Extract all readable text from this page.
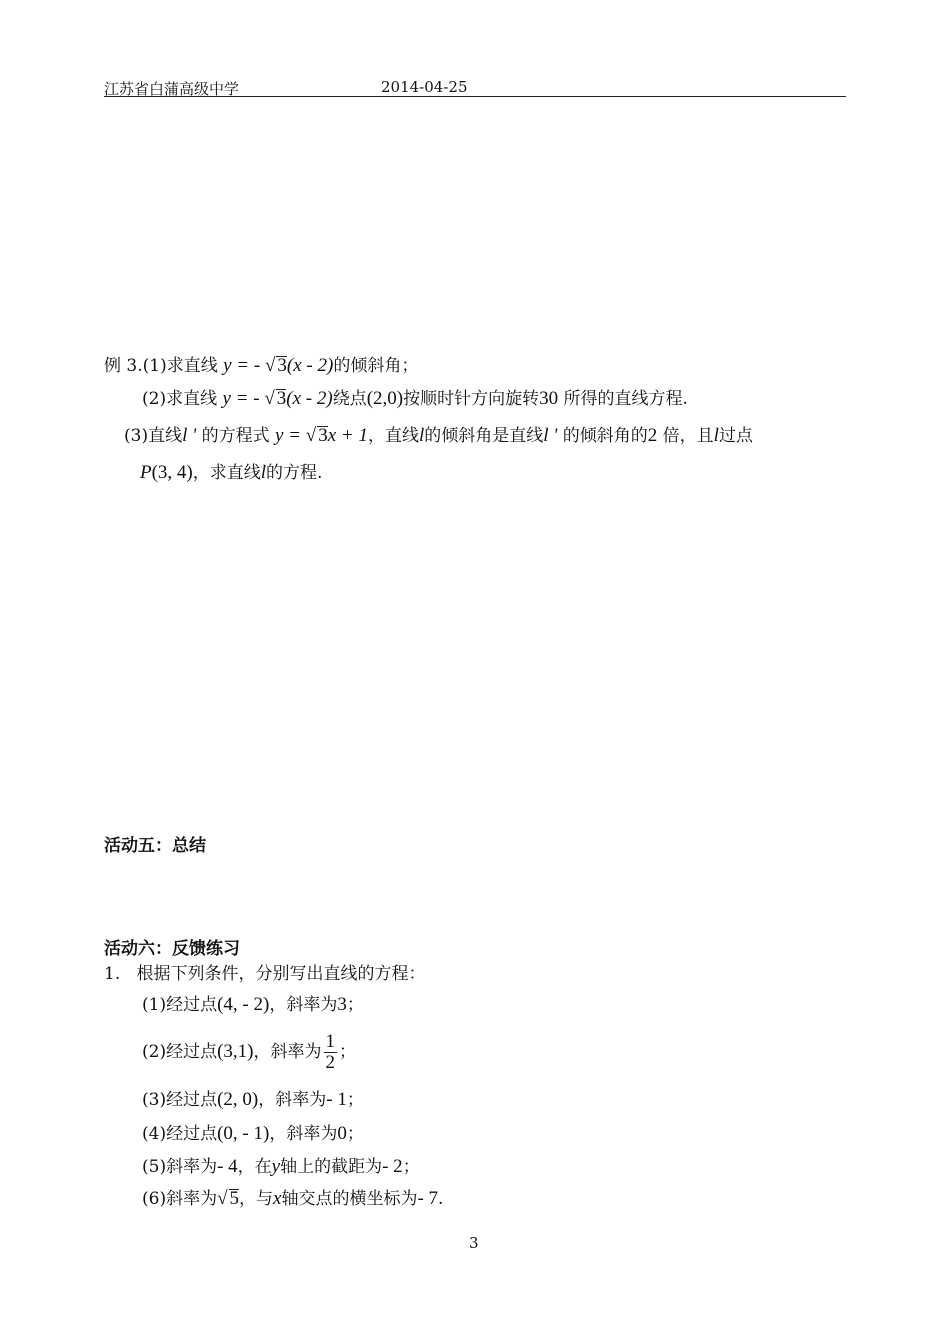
江苏省白蒲高级中学	2014-04-25
例 3.(1)求直线 y = - √ 3(x - 2)的倾斜角；
(2)求直线 y = - √ 3(x - 2)绕点(2,0)按顺时针方向旋转30 所得的直线方程.
(3)直线l ' 的方程式 y = √ 3x + 1，直线l的倾斜角是直线l ' 的倾斜角的2 倍，且l过点
P(3, 4)，求直线l的方程.
活动五：总结
活动六：反馈练习
1. 根据下列条件，分别写出直线的方程：
(1)经过点(4, - 2)，斜率为3；
(2)经过点(3,1)，斜率为 $\frac{1}{2}$ ；
(3)经过点(2, 0)，斜率为- 1；
(4)经过点(0, - 1)，斜率为0；
(5)斜率为- 4，在y轴上的截距为- 2；
(6)斜率为√ 5，与x轴交点的横坐标为- 7.
3
